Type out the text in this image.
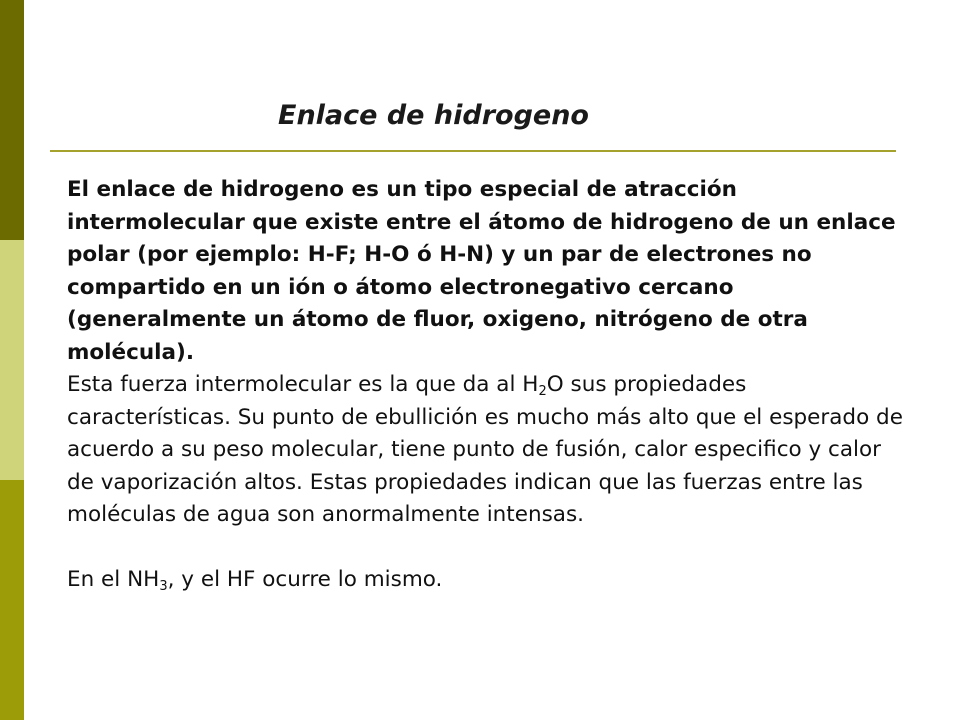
Enlace de hidrogeno

El enlace de hidrogeno es un tipo especial de atracción intermolecular que existe entre el átomo de hidrogeno de un enlace polar (por ejemplo: H-F; H-O ó H-N) y un par de electrones no compartido en un ión o átomo electronegativo cercano (generalmente un átomo de fluor, oxigeno, nitrógeno de otra molécula).

Esta fuerza intermolecular es la que da al $H_2O$ sus propiedades características. Su punto de ebullición es mucho más alto que el esperado de acuerdo a su peso molecular, tiene punto de fusión, calor especifico y calor de vaporización altos. Estas propiedades indican que las fuerzas entre las moléculas de agua son anormalmente intensas.

En el $NH_3$, y el HF ocurre lo mismo.
